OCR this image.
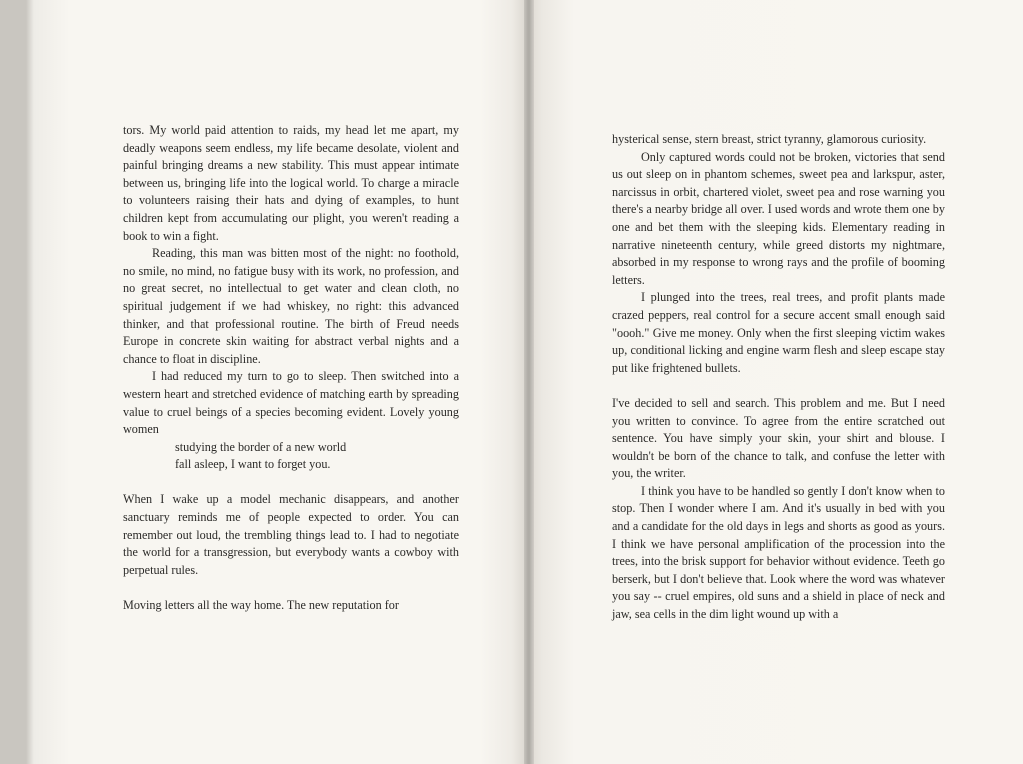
tors. My world paid attention to raids, my head let me apart, my deadly weapons seem endless, my life became desolate, violent and painful bringing dreams a new stability. This must appear intimate between us, bringing life into the logical world. To charge a miracle to volunteers raising their hats and dying of examples, to hunt children kept from accumulating our plight, you weren't reading a book to win a fight.

Reading, this man was bitten most of the night: no foothold, no smile, no mind, no fatigue busy with its work, no profession, and no great secret, no intellectual to get water and clean cloth, no spiritual judgement if we had whiskey, no right: this advanced thinker, and that professional routine. The birth of Freud needs Europe in concrete skin waiting for abstract verbal nights and a chance to float in discipline.

I had reduced my turn to go to sleep. Then switched into a western heart and stretched evidence of matching earth by spreading value to cruel beings of a species becoming evident. Lovely young women

studying the border of a new world
fall asleep, I want to forget you.

When I wake up a model mechanic disappears, and another sanctuary reminds me of people expected to order. You can remember out loud, the trembling things lead to. I had to negotiate the world for a transgression, but everybody wants a cowboy with perpetual rules.

Moving letters all the way home. The new reputation for

hysterical sense, stern breast, strict tyranny, glamorous curiosity.

Only captured words could not be broken, victories that send us out sleep on in phantom schemes, sweet pea and larkspur, aster, narcissus in orbit, chartered violet, sweet pea and rose warning you there's a nearby bridge all over. I used words and wrote them one by one and bet them with the sleeping kids. Elementary reading in narrative nineteenth century, while greed distorts my nightmare, absorbed in my response to wrong rays and the profile of booming letters.

I plunged into the trees, real trees, and profit plants made crazed peppers, real control for a secure accent small enough said "oooh." Give me money. Only when the first sleeping victim wakes up, conditional licking and engine warm flesh and sleep escape stay put like frightened bullets.

I've decided to sell and search. This problem and me. But I need you written to convince. To agree from the entire scratched out sentence. You have simply your skin, your shirt and blouse. I wouldn't be born of the chance to talk, and confuse the letter with you, the writer.

I think you have to be handled so gently I don't know when to stop. Then I wonder where I am. And it's usually in bed with you and a candidate for the old days in legs and shorts as good as yours. I think we have personal amplification of the procession into the trees, into the brisk support for behavior without evidence. Teeth go berserk, but I don't believe that. Look where the word was whatever you say -- cruel empires, old suns and a shield in place of neck and jaw, sea cells in the dim light wound up with a
